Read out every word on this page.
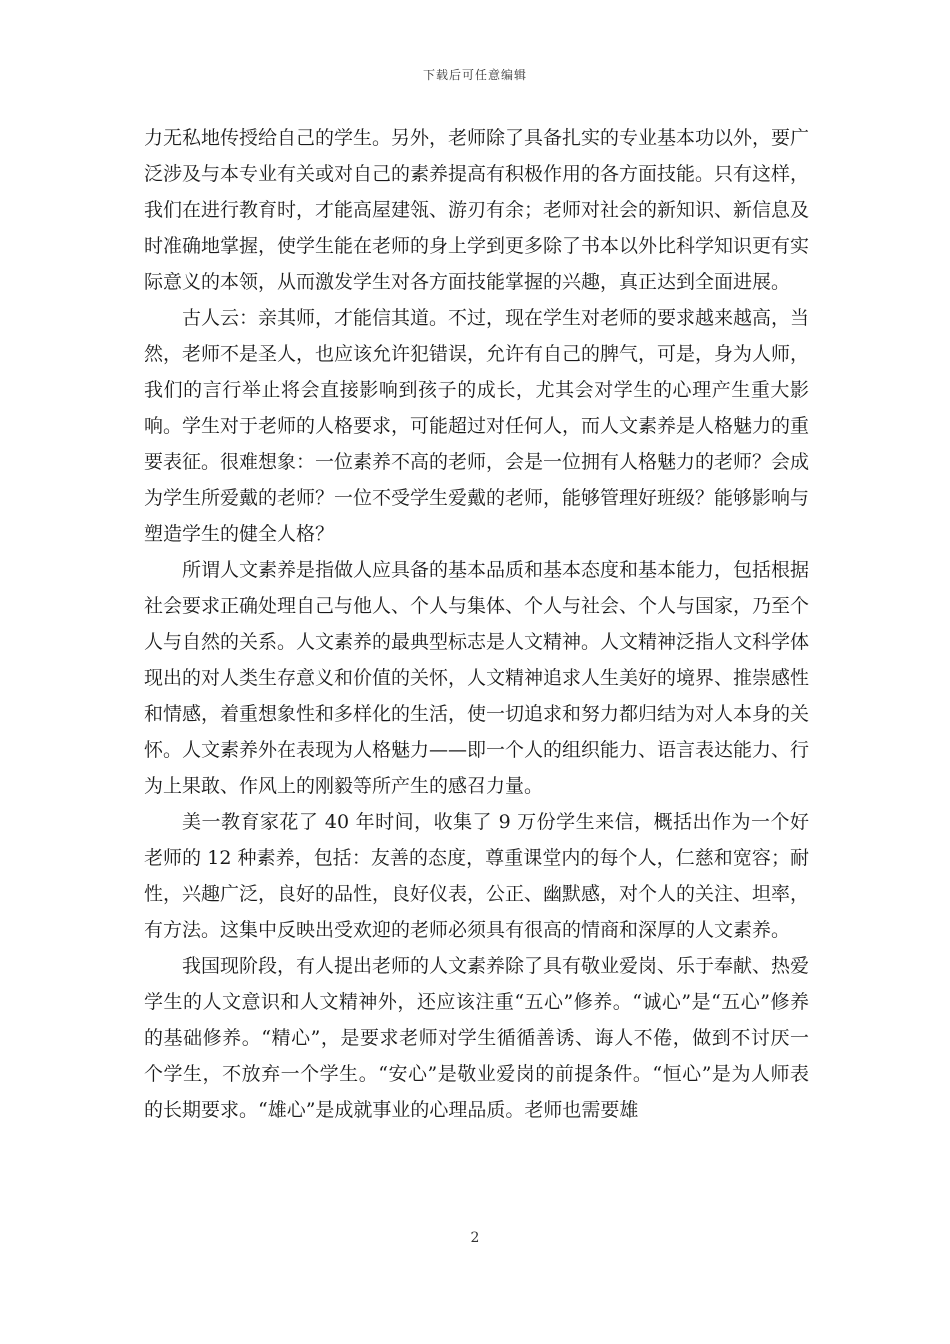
下载后可任意编辑

力无私地传授给自己的学生。另外，老师除了具备扎实的专业基本功以外，要广泛涉及与本专业有关或对自己的素养提高有积极作用的各方面技能。只有这样，我们在进行教育时，才能高屋建瓴、游刃有余；老师对社会的新知识、新信息及时准确地掌握，使学生能在老师的身上学到更多除了书本以外比科学知识更有实际意义的本领，从而激发学生对各方面技能掌握的兴趣，真正达到全面进展。

古人云：亲其师，才能信其道。不过，现在学生对老师的要求越来越高，当然，老师不是圣人，也应该允许犯错误，允许有自己的脾气，可是，身为人师，我们的言行举止将会直接影响到孩子的成长，尤其会对学生的心理产生重大影响。学生对于老师的人格要求，可能超过对任何人，而人文素养是人格魅力的重要表征。很难想象：一位素养不高的老师，会是一位拥有人格魅力的老师？会成为学生所爱戴的老师？一位不受学生爱戴的老师，能够管理好班级？能够影响与塑造学生的健全人格？

所谓人文素养是指做人应具备的基本品质和基本态度和基本能力，包括根据社会要求正确处理自己与他人、个人与集体、个人与社会、个人与国家，乃至个人与自然的关系。人文素养的最典型标志是人文精神。人文精神泛指人文科学体现出的对人类生存意义和价值的关怀，人文精神追求人生美好的境界、推崇感性和情感，着重想象性和多样化的生活，使一切追求和努力都归结为对人本身的关怀。人文素养外在表现为人格魅力——即一个人的组织能力、语言表达能力、行为上果敢、作风上的刚毅等所产生的感召力量。

美一教育家花了 40 年时间，收集了 9 万份学生来信，概括出作为一个好老师的 12 种素养，包括：友善的态度，尊重课堂内的每个人，仁慈和宽容；耐性，兴趣广泛，良好的品性，良好仪表，公正、幽默感，对个人的关注、坦率，有方法。这集中反映出受欢迎的老师必须具有很高的情商和深厚的人文素养。

我国现阶段，有人提出老师的人文素养除了具有敬业爱岗、乐于奉献、热爱学生的人文意识和人文精神外，还应该注重“五心”修养。“诚心”是“五心”修养的基础修养。“精心”，是要求老师对学生循循善诱、诲人不倦，做到不讨厌一个学生，不放弃一个学生。“安心”是敬业爱岗的前提条件。“恒心”是为人师表的长期要求。“雄心”是成就事业的心理品质。老师也需要雄

2
